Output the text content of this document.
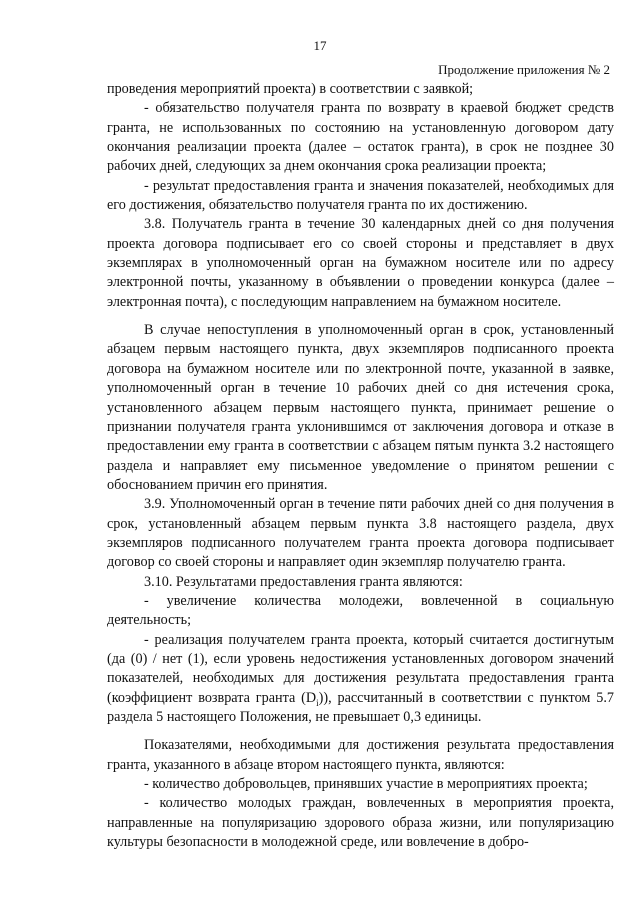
17
Продолжение приложения № 2

проведения мероприятий проекта) в соответствии с заявкой;

- обязательство получателя гранта по возврату в краевой бюджет средств гранта, не использованных по состоянию на установленную договором дату окончания реализации проекта (далее – остаток гранта), в срок не позднее 30 рабочих дней, следующих за днем окончания срока реализации проекта;

- результат предоставления гранта и значения показателей, необходимых для его достижения, обязательство получателя гранта по их достижению.

3.8. Получатель гранта в течение 30 календарных дней со дня получения проекта договора подписывает его со своей стороны и представляет в двух экземплярах в уполномоченный орган на бумажном носителе или по адресу электронной почты, указанному в объявлении о проведении конкурса (далее – электронная почта), с последующим направлением на бумажном носителе.

В случае непоступления в уполномоченный орган в срок, установленный абзацем первым настоящего пункта, двух экземпляров подписанного проекта договора на бумажном носителе или по электронной почте, указанной в заявке, уполномоченный орган в течение 10 рабочих дней со дня истечения срока, установленного абзацем первым настоящего пункта, принимает решение о признании получателя гранта уклонившимся от заключения договора и отказе в предоставлении ему гранта в соответствии с абзацем пятым пункта 3.2 настоящего раздела и направляет ему письменное уведомление о принятом решении с обоснованием причин его принятия.

3.9. Уполномоченный орган в течение пяти рабочих дней со дня получения в срок, установленный абзацем первым пункта 3.8 настоящего раздела, двух экземпляров подписанного получателем гранта проекта договора подписывает договор со своей стороны и направляет один экземпляр получателю гранта.

3.10. Результатами предоставления гранта являются:

- увеличение количества молодежи, вовлеченной в социальную деятельность;

- реализация получателем гранта проекта, который считается достигнутым (да (0) / нет (1), если уровень недостижения установленных договором значений показателей, необходимых для достижения результата предоставления гранта (коэффициент возврата гранта $(D_i)$), рассчитанный в соответствии с пунктом 5.7 раздела 5 настоящего Положения, не превышает 0,3 единицы.

Показателями, необходимыми для достижения результата предоставления гранта, указанного в абзаце втором настоящего пункта, являются:

- количество добровольцев, принявших участие в мероприятиях проекта;

- количество молодых граждан, вовлеченных в мероприятия проекта, направленные на популяризацию здорового образа жизни, или популяризацию культуры безопасности в молодежной среде, или вовлечение в добро-
